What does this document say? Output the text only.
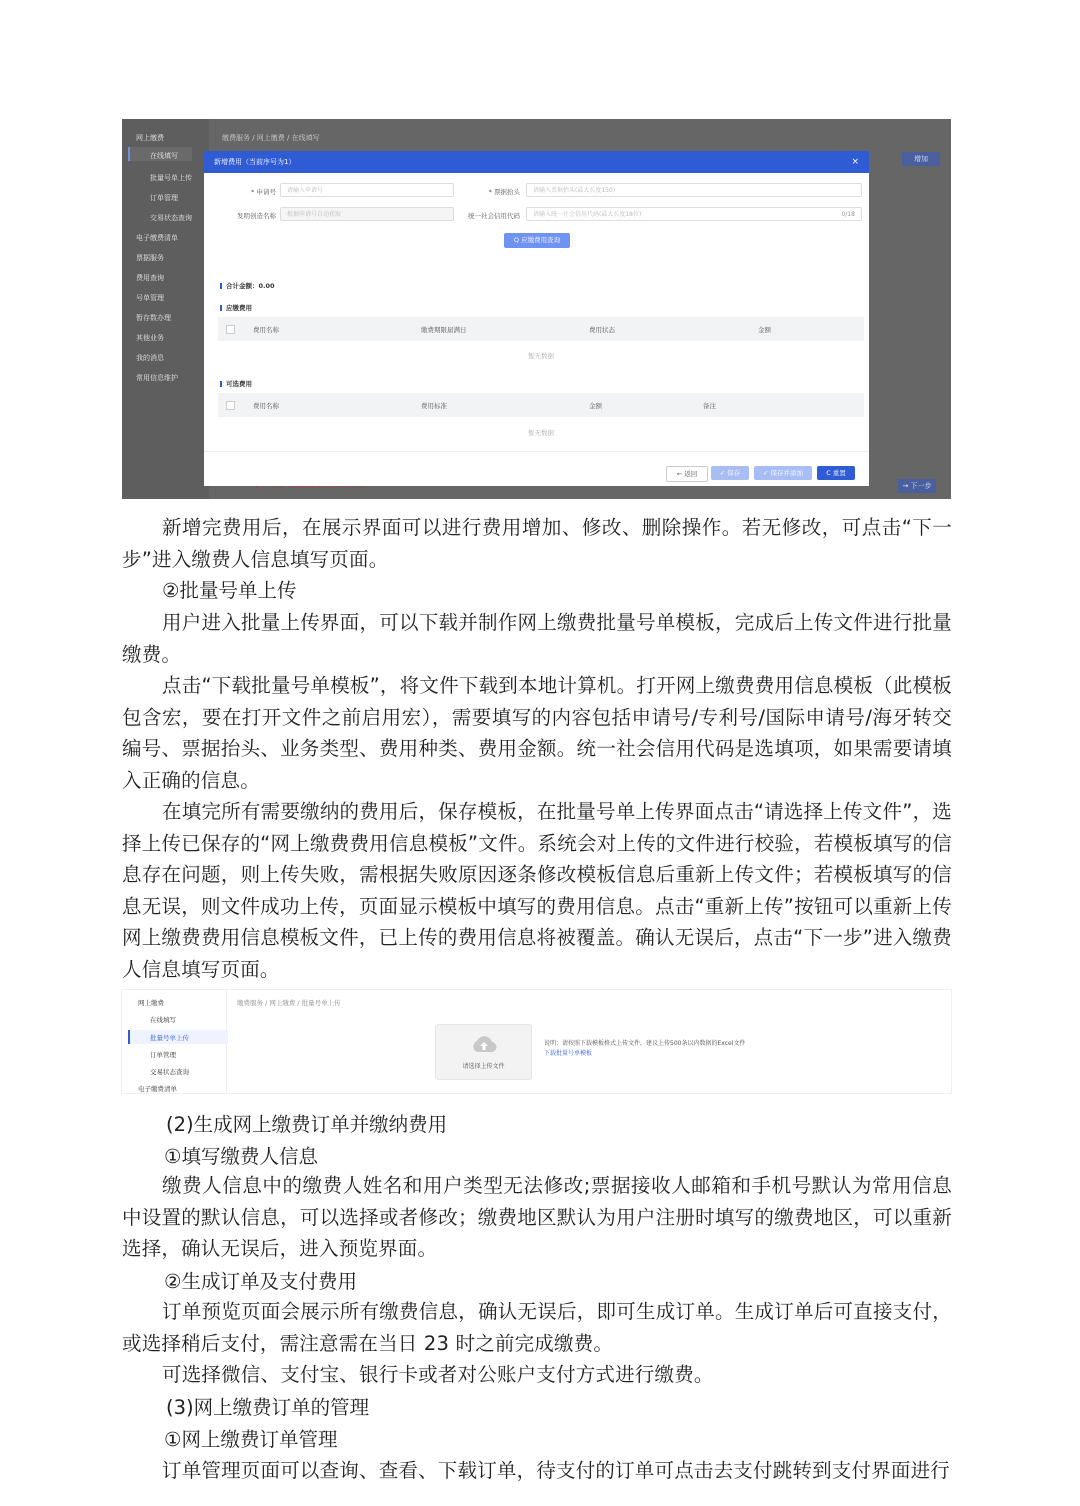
网上缴费
在线填写
批量号单上传
订单管理
交易状态查询
电子缴费清单
票据服务
费用查询
号单管理
暂存数办理
其他业务
我的消息
常用信息维护
缴费服务 / 网上缴费 / 在线填写
增加
→ 下一步
新增费用（当前序号为1）	×
* 申请号	请输入申请号	* 票据抬头	请输入票据抬头(最大长度150)
发明创造名称	根据申请号自动获取	统一社会信用代码	请输入统一社会信用代码(最大长度18位)	0/18
Q 应缴费用查询
合计金额：0.00
应缴费用
费用名称	缴费期限届满日	费用状态	金额
暂无数据
可选费用
费用名称	费用标准	金额	备注
暂无数据
← 返回	✓ 保存	✓ 保存并添加	C 重置

新增完费用后，在展示界面可以进行费用增加、修改、删除操作。若无修改，可点击“下一步”进入缴费人信息填写页面。

②批量号单上传

用户进入批量上传界面，可以下载并制作网上缴费批量号单模板，完成后上传文件进行批量缴费。

点击“下载批量号单模板”，将文件下载到本地计算机。打开网上缴费费用信息模板（此模板包含宏，要在打开文件之前启用宏），需要填写的内容包括申请号/专利号/国际申请号/海牙转交编号、票据抬头、业务类型、费用种类、费用金额。统一社会信用代码是选填项，如果需要请填入正确的信息。

在填完所有需要缴纳的费用后，保存模板，在批量号单上传界面点击“请选择上传文件”，选择上传已保存的“网上缴费费用信息模板”文件。系统会对上传的文件进行校验，若模板填写的信息存在问题，则上传失败，需根据失败原因逐条修改模板信息后重新上传文件；若模板填写的信息无误，则文件成功上传，页面显示模板中填写的费用信息。点击“重新上传”按钮可以重新上传网上缴费费用信息模板文件，已上传的费用信息将被覆盖。确认无误后，点击“下一步”进入缴费人信息填写页面。

网上缴费
在线填写
批量号单上传
订单管理
交易状态查询
电子缴费清单
缴费服务 / 网上缴费 / 批量号单上传
请选择上传文件
说明：请按照下载模板格式上传文件，建议上传500条以内数据的Excel文件
下载批量号单模板

(2)生成网上缴费订单并缴纳费用

①填写缴费人信息

缴费人信息中的缴费人姓名和用户类型无法修改;票据接收人邮箱和手机号默认为常用信息中设置的默认信息，可以选择或者修改；缴费地区默认为用户注册时填写的缴费地区，可以重新选择，确认无误后，进入预览界面。

②生成订单及支付费用

订单预览页面会展示所有缴费信息，确认无误后，即可生成订单。生成订单后可直接支付，或选择稍后支付，需注意需在当日 23 时之前完成缴费。

可选择微信、支付宝、银行卡或者对公账户支付方式进行缴费。

(3)网上缴费订单的管理

①网上缴费订单管理

订单管理页面可以查询、查看、下载订单，待支付的订单可点击去支付跳转到支付界面进行
